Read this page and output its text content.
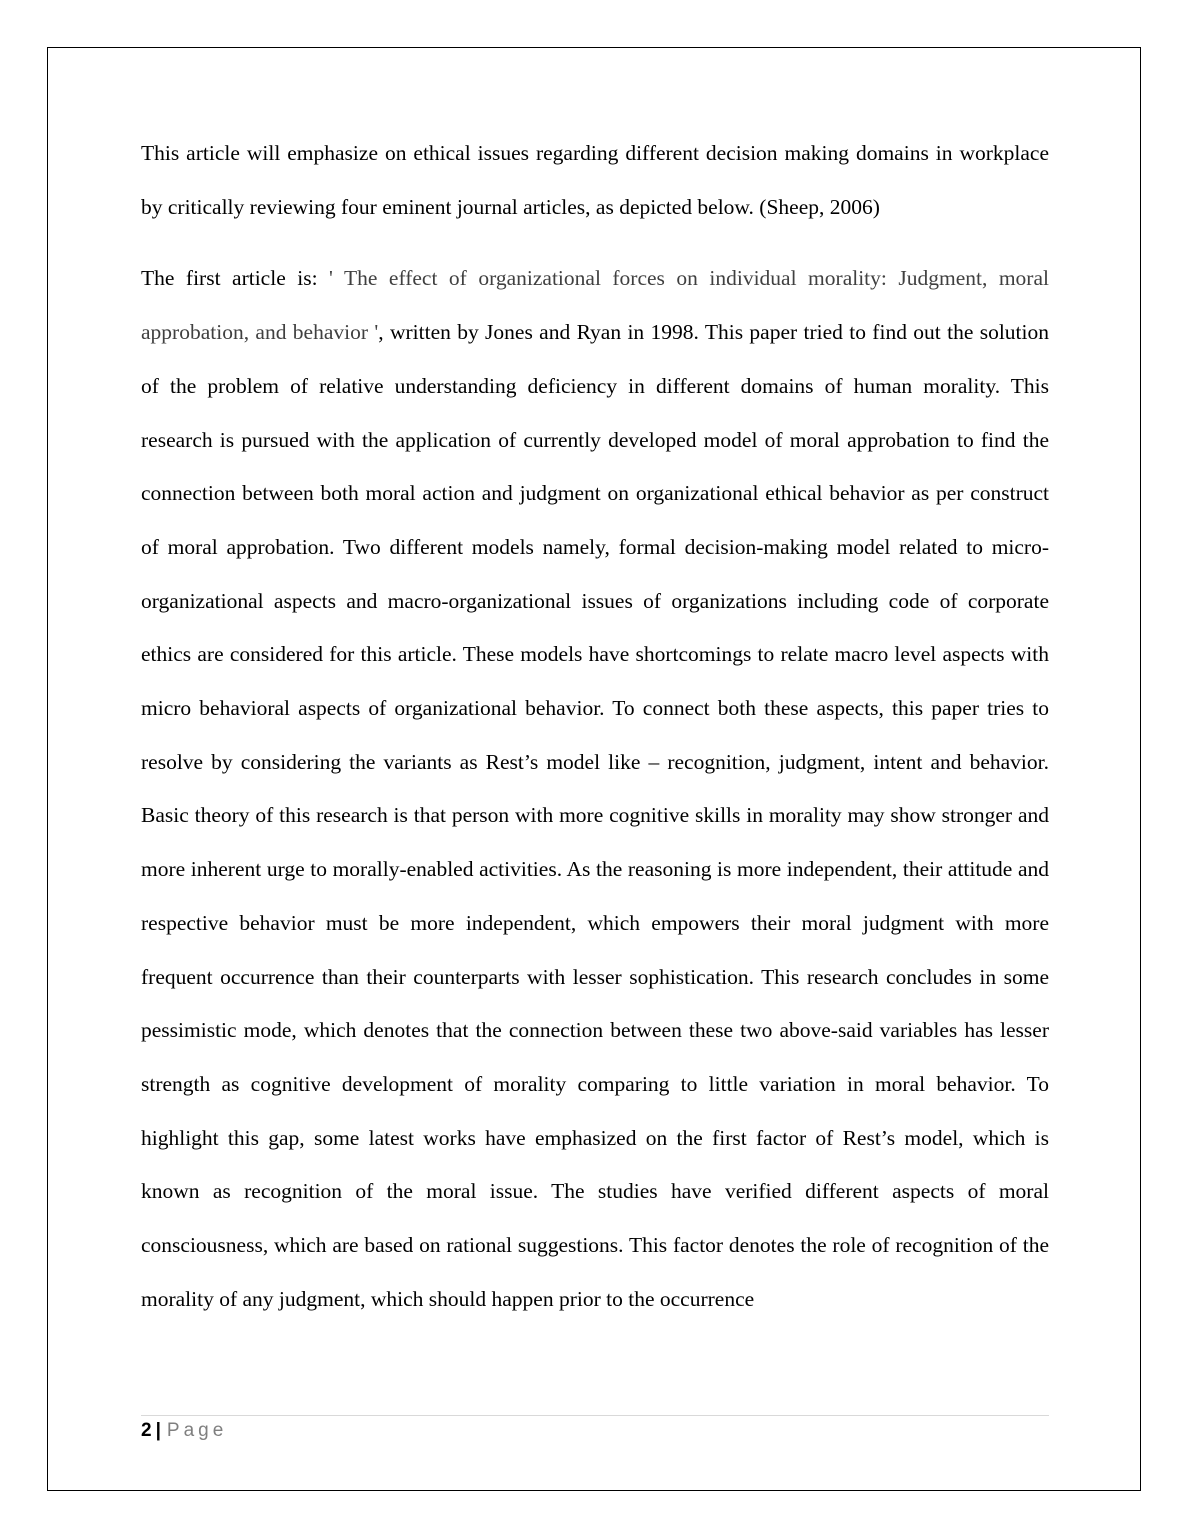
This article will emphasize on ethical issues regarding different decision making domains in workplace by critically reviewing four eminent journal articles, as depicted below. (Sheep, 2006)

The first article is: ' The effect of organizational forces on individual morality: Judgment, moral approbation, and behavior ', written by Jones and Ryan in 1998. This paper tried to find out the solution of the problem of relative understanding deficiency in different domains of human morality. This research is pursued with the application of currently developed model of moral approbation to find the connection between both moral action and judgment on organizational ethical behavior as per construct of moral approbation. Two different models namely, formal decision-making model related to micro-organizational aspects and macro-organizational issues of organizations including code of corporate ethics are considered for this article. These models have shortcomings to relate macro level aspects with micro behavioral aspects of organizational behavior. To connect both these aspects, this paper tries to resolve by considering the variants as Rest’s model like – recognition, judgment, intent and behavior. Basic theory of this research is that person with more cognitive skills in morality may show stronger and more inherent urge to morally-enabled activities. As the reasoning is more independent, their attitude and respective behavior must be more independent, which empowers their moral judgment with more frequent occurrence than their counterparts with lesser sophistication. This research concludes in some pessimistic mode, which denotes that the connection between these two above-said variables has lesser strength as cognitive development of morality comparing to little variation in moral behavior. To highlight this gap, some latest works have emphasized on the first factor of Rest’s model, which is known as recognition of the moral issue. The studies have verified different aspects of moral consciousness, which are based on rational suggestions. This factor denotes the role of recognition of the morality of any judgment, which should happen prior to the occurrence

2 | Page
